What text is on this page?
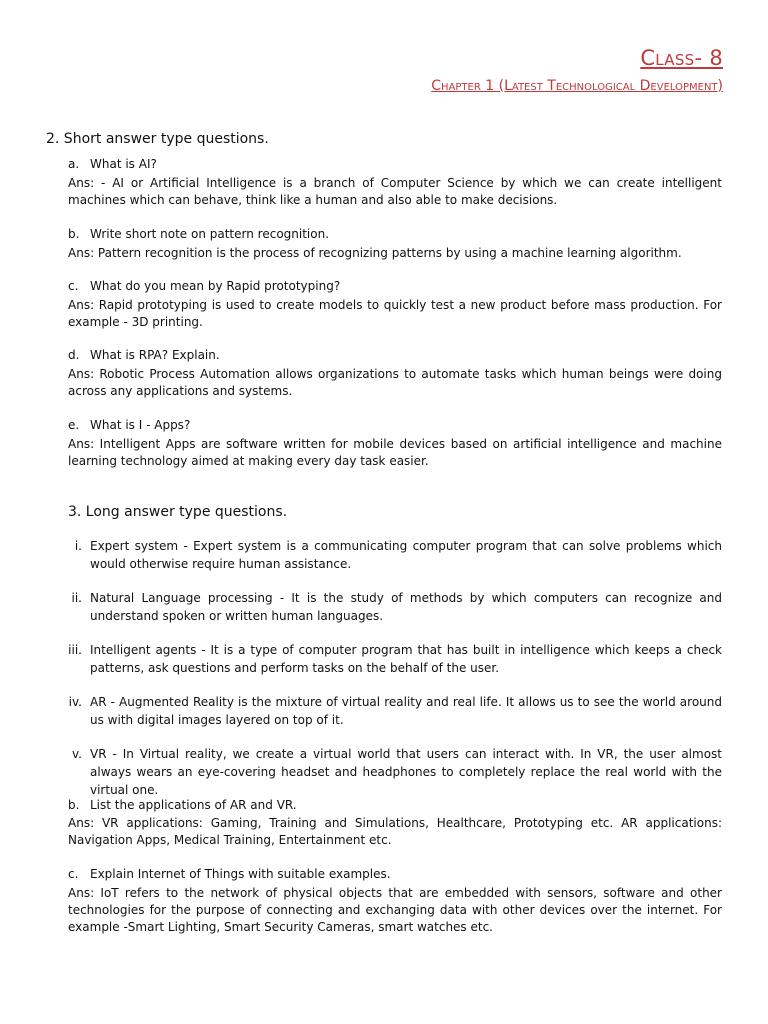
Class- 8
Chapter 1 (Latest Technological Development)
2. Short answer type questions.
a. What is AI?
Ans: - AI or Artificial Intelligence is a branch of Computer Science by which we can create intelligent machines which can behave, think like a human and also able to make decisions.
b. Write short note on pattern recognition.
Ans: Pattern recognition is the process of recognizing patterns by using a machine learning algorithm.
c. What do you mean by Rapid prototyping?
Ans: Rapid prototyping is used to create models to quickly test a new product before mass production. For example - 3D printing.
d. What is RPA? Explain.
Ans: Robotic Process Automation allows organizations to automate tasks which human beings were doing across any applications and systems.
e. What is I - Apps?
Ans: Intelligent Apps are software written for mobile devices based on artificial intelligence and machine learning technology aimed at making every day task easier.
3. Long answer type questions.
i. Expert system - Expert system is a communicating computer program that can solve problems which would otherwise require human assistance.
ii. Natural Language processing - It is the study of methods by which computers can recognize and understand spoken or written human languages.
iii. Intelligent agents - It is a type of computer program that has built in intelligence which keeps a check patterns, ask questions and perform tasks on the behalf of the user.
iv. AR - Augmented Reality is the mixture of virtual reality and real life. It allows us to see the world around us with digital images layered on top of it.
v. VR - In Virtual reality, we create a virtual world that users can interact with. In VR, the user almost always wears an eye-covering headset and headphones to completely replace the real world with the virtual one.
b. List the applications of AR and VR.
Ans: VR applications: Gaming, Training and Simulations, Healthcare, Prototyping etc. AR applications: Navigation Apps, Medical Training, Entertainment etc.
c. Explain Internet of Things with suitable examples.
Ans: IoT refers to the network of physical objects that are embedded with sensors, software and other technologies for the purpose of connecting and exchanging data with other devices over the internet. For example -Smart Lighting, Smart Security Cameras, smart watches etc.
